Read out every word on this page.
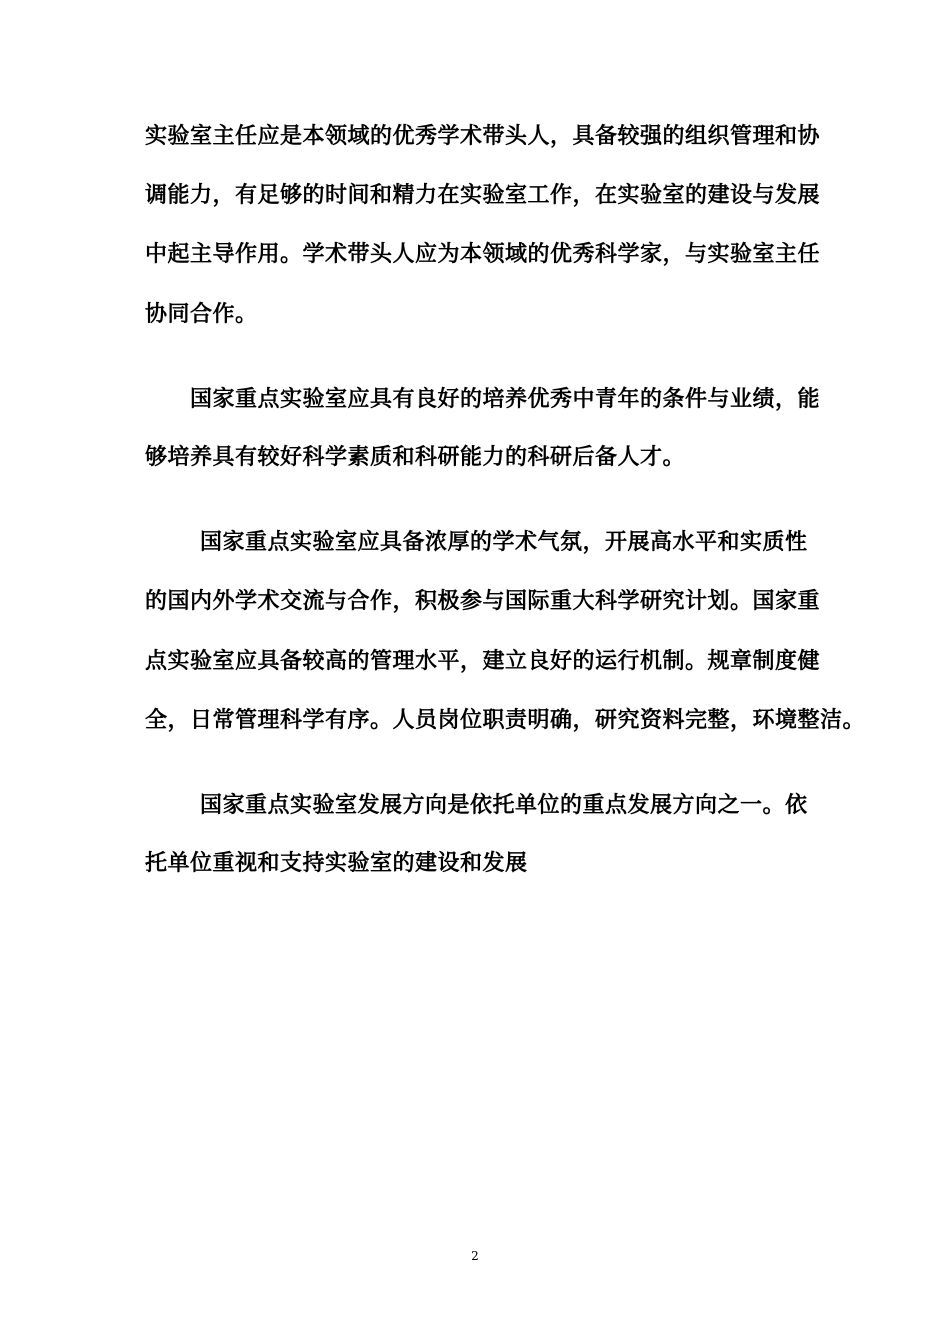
实验室主任应是本领域的优秀学术带头人，具备较强的组织管理和协
调能力，有足够的时间和精力在实验室工作，在实验室的建设与发展
中起主导作用。学术带头人应为本领域的优秀科学家，与实验室主任
协同合作。
国家重点实验室应具有良好的培养优秀中青年的条件与业绩，能
够培养具有较好科学素质和科研能力的科研后备人才。
国家重点实验室应具备浓厚的学术气氛，开展高水平和实质性
的国内外学术交流与合作，积极参与国际重大科学研究计划。国家重
点实验室应具备较高的管理水平，建立良好的运行机制。规章制度健
全，日常管理科学有序。人员岗位职责明确，研究资料完整，环境整洁。
国家重点实验室发展方向是依托单位的重点发展方向之一。依
托单位重视和支持实验室的建设和发展
2
